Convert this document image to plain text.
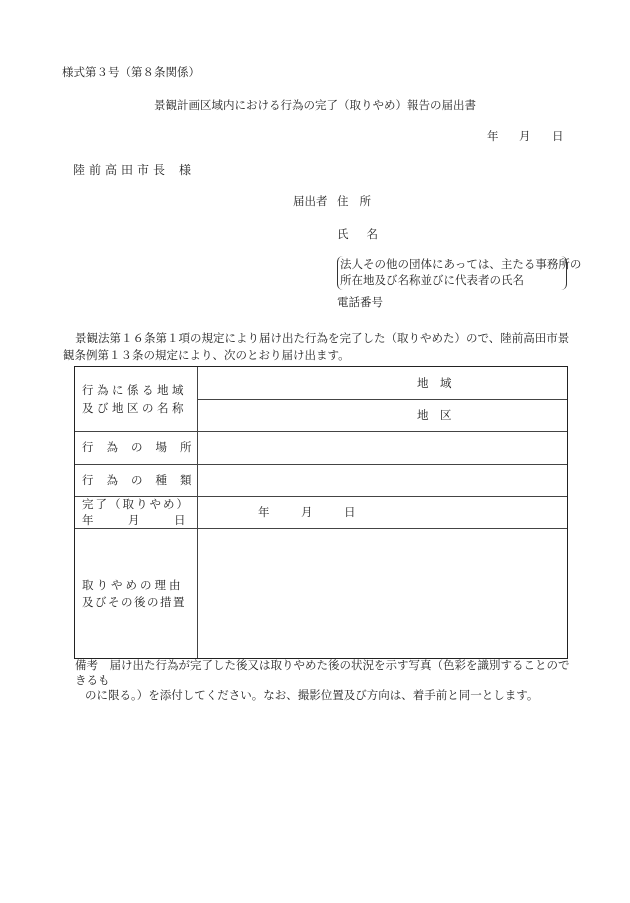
様式第３号（第８条関係）
景観計画区域内における行為の完了（取りやめ）報告の届出書
年 月 日
陸前高田市長 様
届出者 住所
氏名
法人その他の団体にあっては、主たる事務所の
所在地及び名称並びに代表者の氏名
電話番号
景観法第１６条第１項の規定により届け出た行為を完了した（取りやめた）ので、陸前高田市景観条例第１３条の規定により、次のとおり届け出ます。
行為に係る地域
及び地区の名称
地　域
地　区
行為の場所
行為の種類
完了（取りやめ）
年　　　月　　　日
年	月	日
取りやめの理由
及びその後の措置
備考　 届け出た行為が完了した後又は取りやめた後の状況を示す写真（色彩を識別することのできるも
のに限る。）を添付してください。なお、撮影位置及び方向は、着手前と同一とします。
